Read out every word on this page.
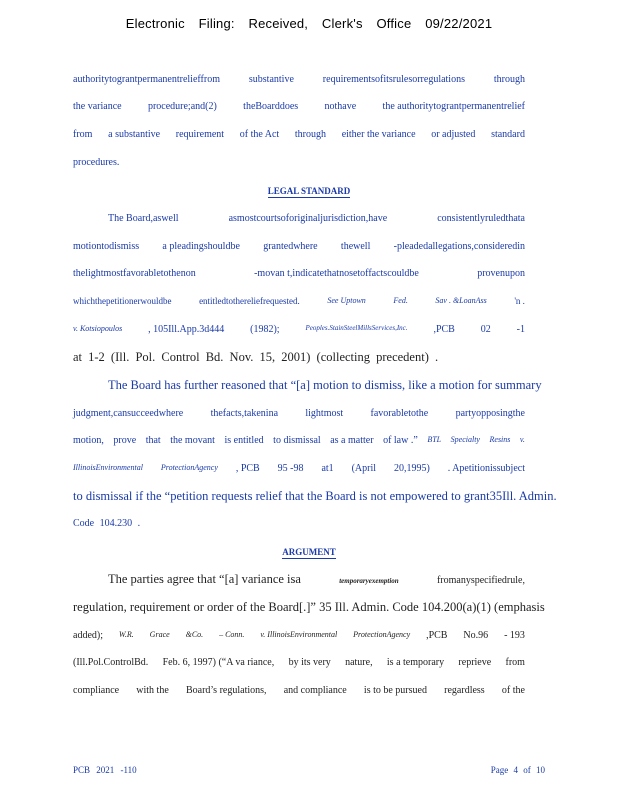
Electronic Filing: Received, Clerk's Office 09/22/2021
authoritytograntpermanentrelieffrom	substantive	requirementsofitsrulesorregulations	through
the variance	procedure;and(2)	theBoarddoes	nothave	the authoritytograntpermanentrelief
from a substantive requirement of the Act through either the variance or adjusted standard
procedures.
LEGAL STANDARD
The Board,aswell	asmostcourtsoforiginaljurisdiction,have	consistentlyruledthata
motiontodismiss a pleadingshouldbe grantedwhere thewell -pleadedallegations,consideredin
thelightmostfavorabletothenon	-movan t,indicatethatnosetoffactscouldbe	provenupon
whichthepetitionerwouldbe	entitledtothereliefrequested.	See Uptown	Fed.	Sav . &LoanAss	'n .
v. Kotsiopoulos	, 105Ill.App.3d444	(1982);	Peoples.StainSteelMillsServices,Inc.	,PCB	02	-1
at 1-2 (Ill. Pol. Control Bd. Nov. 15, 2001) (collecting precedent) .
The Board has further reasoned that “[a] motion to dismiss, like a motion for summary
judgment,cansucceedwhere	thefacts,takenina	lightmost	favorabletothe	partyopposingthe
motion, prove that the movant is entitled to dismissal as a matter of law .” BTL Specialty Resins v.
IllinoisEnvironmental ProtectionAgency , PCB 95 -98 at1 (April 20,1995) . Apetitionissubject
to dismissal if the “petition requests relief that the Board is not empowered to grant35Ill. Admin.
Code 104.230 .
ARGUMENT
The parties agree that “[a] variance isa	temporaryexemption	fromanyspecifiedrule,
regulation, requirement or order of the Board[.]” 35 Ill. Admin. Code 104.200(a)(1) (emphasis
added); W.R. Grace &Co. – Conn. v. IllinoisEnvironmental ProtectionAgency ,PCB No.96 - 193
(Ill.Pol.ControlBd. Feb. 6, 1997) (“A va riance, by its very nature, is a temporary reprieve from
compliance with the Board’s regulations, and compliance is to be pursued regardless of the
PCB 2021 -110	Page 4 of 10
